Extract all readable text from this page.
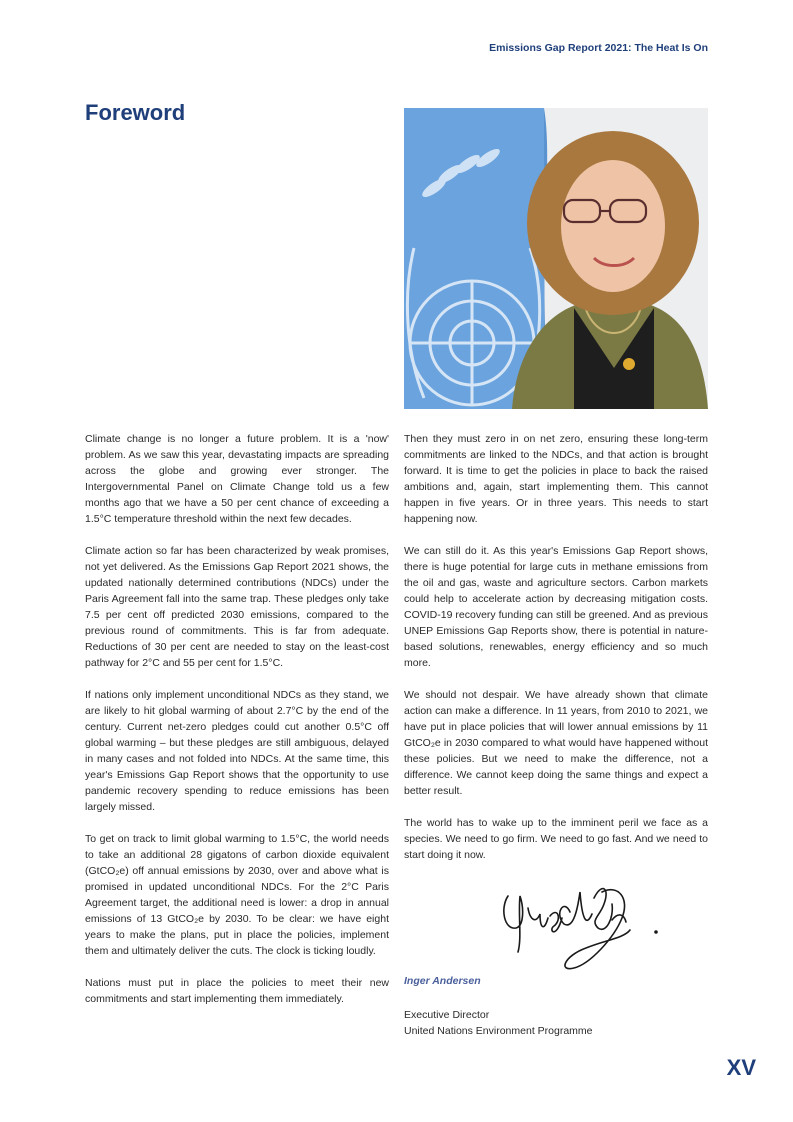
Emissions Gap Report 2021: The Heat Is On
Foreword

Climate change is no longer a future problem. It is a 'now' problem. As we saw this year, devastating impacts are spreading across the globe and growing ever stronger. The Intergovernmental Panel on Climate Change told us a few months ago that we have a 50 per cent chance of exceeding a 1.5°C temperature threshold within the next few decades.

Climate action so far has been characterized by weak promises, not yet delivered. As the Emissions Gap Report 2021 shows, the updated nationally determined contributions (NDCs) under the Paris Agreement fall into the same trap. These pledges only take 7.5 per cent off predicted 2030 emissions, compared to the previous round of commitments. This is far from adequate. Reductions of 30 per cent are needed to stay on the least-cost pathway for 2°C and 55 per cent for 1.5°C.

If nations only implement unconditional NDCs as they stand, we are likely to hit global warming of about 2.7°C by the end of the century. Current net-zero pledges could cut another 0.5°C off global warming – but these pledges are still ambiguous, delayed in many cases and not folded into NDCs. At the same time, this year's Emissions Gap Report shows that the opportunity to use pandemic recovery spending to reduce emissions has been largely missed.

To get on track to limit global warming to 1.5°C, the world needs to take an additional 28 gigatons of carbon dioxide equivalent (GtCO₂e) off annual emissions by 2030, over and above what is promised in updated unconditional NDCs. For the 2°C Paris Agreement target, the additional need is lower: a drop in annual emissions of 13 GtCO₂e by 2030. To be clear: we have eight years to make the plans, put in place the policies, implement them and ultimately deliver the cuts. The clock is ticking loudly.

Nations must put in place the policies to meet their new commitments and start implementing them immediately.

Then they must zero in on net zero, ensuring these long-term commitments are linked to the NDCs, and that action is brought forward. It is time to get the policies in place to back the raised ambitions and, again, start implementing them. This cannot happen in five years. Or in three years. This needs to start happening now.

We can still do it. As this year's Emissions Gap Report shows, there is huge potential for large cuts in methane emissions from the oil and gas, waste and agriculture sectors. Carbon markets could help to accelerate action by decreasing mitigation costs. COVID-19 recovery funding can still be greened. And as previous UNEP Emissions Gap Reports show, there is potential in nature-based solutions, renewables, energy efficiency and so much more.

We should not despair. We have already shown that climate action can make a difference. In 11 years, from 2010 to 2021, we have put in place policies that will lower annual emissions by 11 GtCO₂e in 2030 compared to what would have happened without these policies. But we need to make the difference, not a difference. We cannot keep doing the same things and expect a better result.

The world has to wake up to the imminent peril we face as a species. We need to go firm. We need to go fast. And we need to start doing it now.

Inger Andersen
Executive Director
United Nations Environment Programme
XV
